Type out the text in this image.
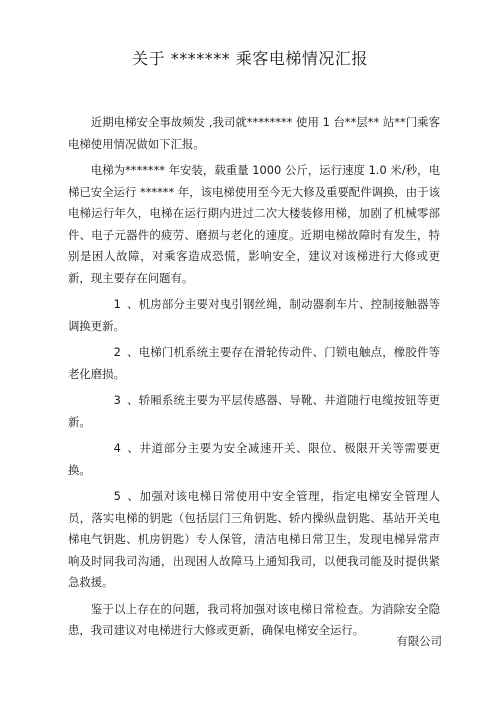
关于 ******* 乘客电梯情况汇报

近期电梯安全事故频发 ,我司就******** 使用 1 台**层** 站**门乘客电梯使用情况做如下汇报。

电梯为******* 年安装，载重量 1000 公斤，运行速度 1.0 米/秒，电梯已安全运行 ****** 年，该电梯使用至今无大修及重要配件调换，由于该电梯运行年久，电梯在运行期内进过二次大楼装修用梯，加剧了机械零部件、电子元器件的疲劳、磨损与老化的速度。近期电梯故障时有发生，特别是困人故障，对乘客造成恐慌，影响安全，建议对该梯进行大修或更新，现主要存在问题有。

1 、机房部分主要对曳引钢丝绳，制动器刹车片、控制接触器等调换更新。

2 、电梯门机系统主要存在滑轮传动件、门锁电触点，橡胶件等老化磨损。

3 、轿厢系统主要为平层传感器、导靴、井道随行电缆按钮等更新。

4 、井道部分主要为安全减速开关、限位、极限开关等需要更换。

5 、加强对该电梯日常使用中安全管理，指定电梯安全管理人员，落实电梯的钥匙（包括层门三角钥匙、轿内操纵盘钥匙、基站开关电梯电气钥匙、机房钥匙）专人保管，清洁电梯日常卫生，发现电梯异常声响及时同我司沟通，出现困人故障马上通知我司，以便我司能及时提供紧急救援。

鉴于以上存在的问题，我司将加强对该电梯日常检查。为消除安全隐患，我司建议对电梯进行大修或更新，确保电梯安全运行。

有限公司
